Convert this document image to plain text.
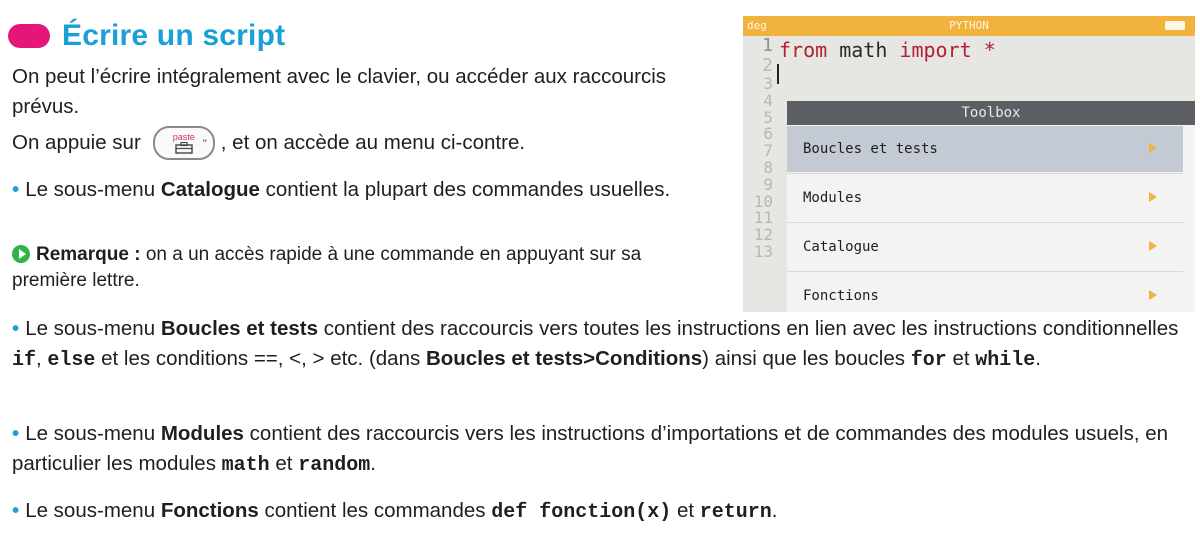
Écrire un script

On peut l’écrire intégralement avec le clavier, ou accéder aux raccourcis prévus.

On appuie sur	paste
" , et on accède au menu ci-contre.

• Le sous-menu Catalogue contient la plupart des commandes usuelles.

Remarque : on a un accès rapide à une commande en appuyant sur sa première lettre.

• Le sous-menu Boucles et tests contient des raccourcis vers toutes les instructions en lien avec les instructions conditionnelles if, else et les conditions ==, <, > etc. (dans Boucles et tests>Conditions) ainsi que les boucles for et while.

• Le sous-menu Modules contient des raccourcis vers les instructions d’importations et de commandes des modules usuels, en particulier les modules math et random.

• Le sous-menu Fonctions contient les commandes def fonction(x) et return.

deg	PYTHON
1
2
3
4
5
6
7
8
9
10
11
12
13
from math import *
Toolbox
Boucles et tests
Modules
Catalogue
Fonctions
